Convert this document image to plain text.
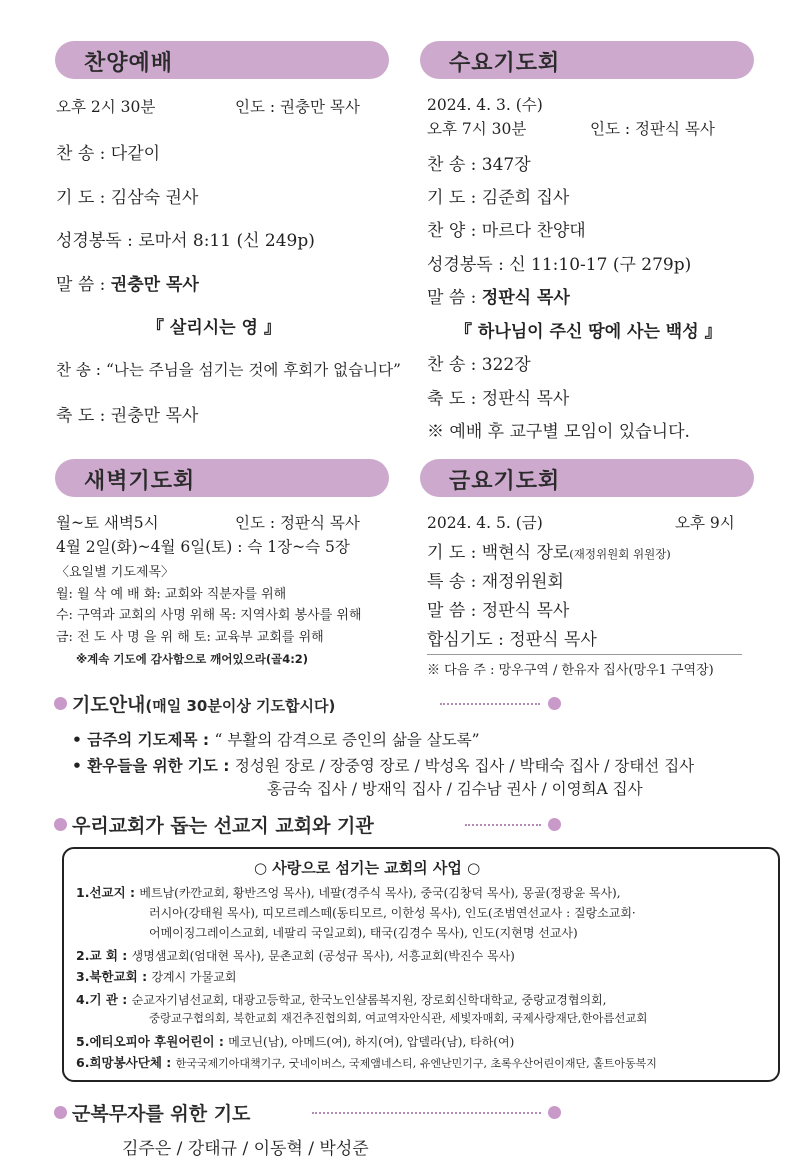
찬양예배	수요기도회
새벽기도회	금요기도회
오후 2시 30분	인도 : 권충만 목사
찬 송 : 다같이
기 도 : 김삼숙 권사
성경봉독 : 로마서 8:11 (신 249p)
말 씀 : 권충만 목사
『 살리시는 영 』
찬 송 : “나는 주님을 섬기는 것에 후회가 없습니다”
축 도 : 권충만 목사
2024. 4. 3. (수)
오후 7시 30분	인도 : 정판식 목사
찬 송 : 347장
기 도 : 김준희 집사
찬 양 : 마르다 찬양대
성경봉독 : 신 11:10-17 (구 279p)
말 씀 : 정판식 목사
『 하나님이 주신 땅에 사는 백성 』
찬 송 : 322장
축 도 : 정판식 목사
※ 예배 후 교구별 모임이 있습니다.
월~토 새벽5시	인도 : 정판식 목사
4월 2일(화)~4월 6일(토) : 슥 1장~슥 5장
〈요일별 기도제목〉
월: 월 삭 예 배 화: 교회와 직분자를 위해
수: 구역과 교회의 사명 위해 목: 지역사회 봉사를 위해
금: 전 도 사 명 을 위 해 토: 교육부 교회를 위해
※계속 기도에 감사함으로 깨어있으라(골4:2)
2024. 4. 5. (금)	오후 9시
기 도 : 백현식 장로(재정위원회 위원장)
특 송 : 재정위원회
말 씀 : 정판식 목사
합심기도 : 정판식 목사
※ 다음 주 : 망우구역 / 한유자 집사(망우1 구역장)
기도안내(매일 30분이상 기도합시다)
• 금주의 기도제목 : “ 부활의 감격으로 증인의 삶을 살도록”
• 환우들을 위한 기도 : 정성원 장로 / 장중영 장로 / 박성옥 집사 / 박태숙 집사 / 장태선 집사
홍금숙 집사 / 방재익 집사 / 김수남 권사 / 이영희A 집사
우리교회가 돕는 선교지 교회와 기관
○ 사랑으로 섬기는 교회의 사업 ○
1.선교지 : 베트남(카깐교회, 황반즈엉 목사), 네팔(경주식 목사), 중국(김창덕 목사), 몽골(정광윤 목사),
러시아(강태원 목사), 띠모르레스떼(동티모르, 이한성 목사), 인도(조범연선교사 : 질랑소교회·
어메이징그레이스교회, 네팔리 국일교회), 태국(김경수 목사), 인도(지현명 선교사)
2.교 회 : 생명샘교회(엄대현 목사), 문촌교회 (공성규 목사), 서흥교회(박진수 목사)
3.북한교회 : 강계시 가물교회
4.기 관 : 순교자기념선교회, 대광고등학교, 한국노인샬롬복지원, 장로회신학대학교, 중랑교경협의회,
중랑교구협의회, 북한교회 재건추진협의회, 여교역자안식관, 세빛자매회, 국제사랑재단,한아름선교회
5.에티오피아 후원어린이 : 메코닌(남), 아메드(여), 하지(여), 압델라(남), 타하(여)
6.희망봉사단체 : 한국국제기아대책기구, 굿네이버스, 국제앰네스티, 유엔난민기구, 초록우산어린이재단, 홀트아동복지
군복무자를 위한 기도
김주은 / 강태규 / 이동혁 / 박성준
